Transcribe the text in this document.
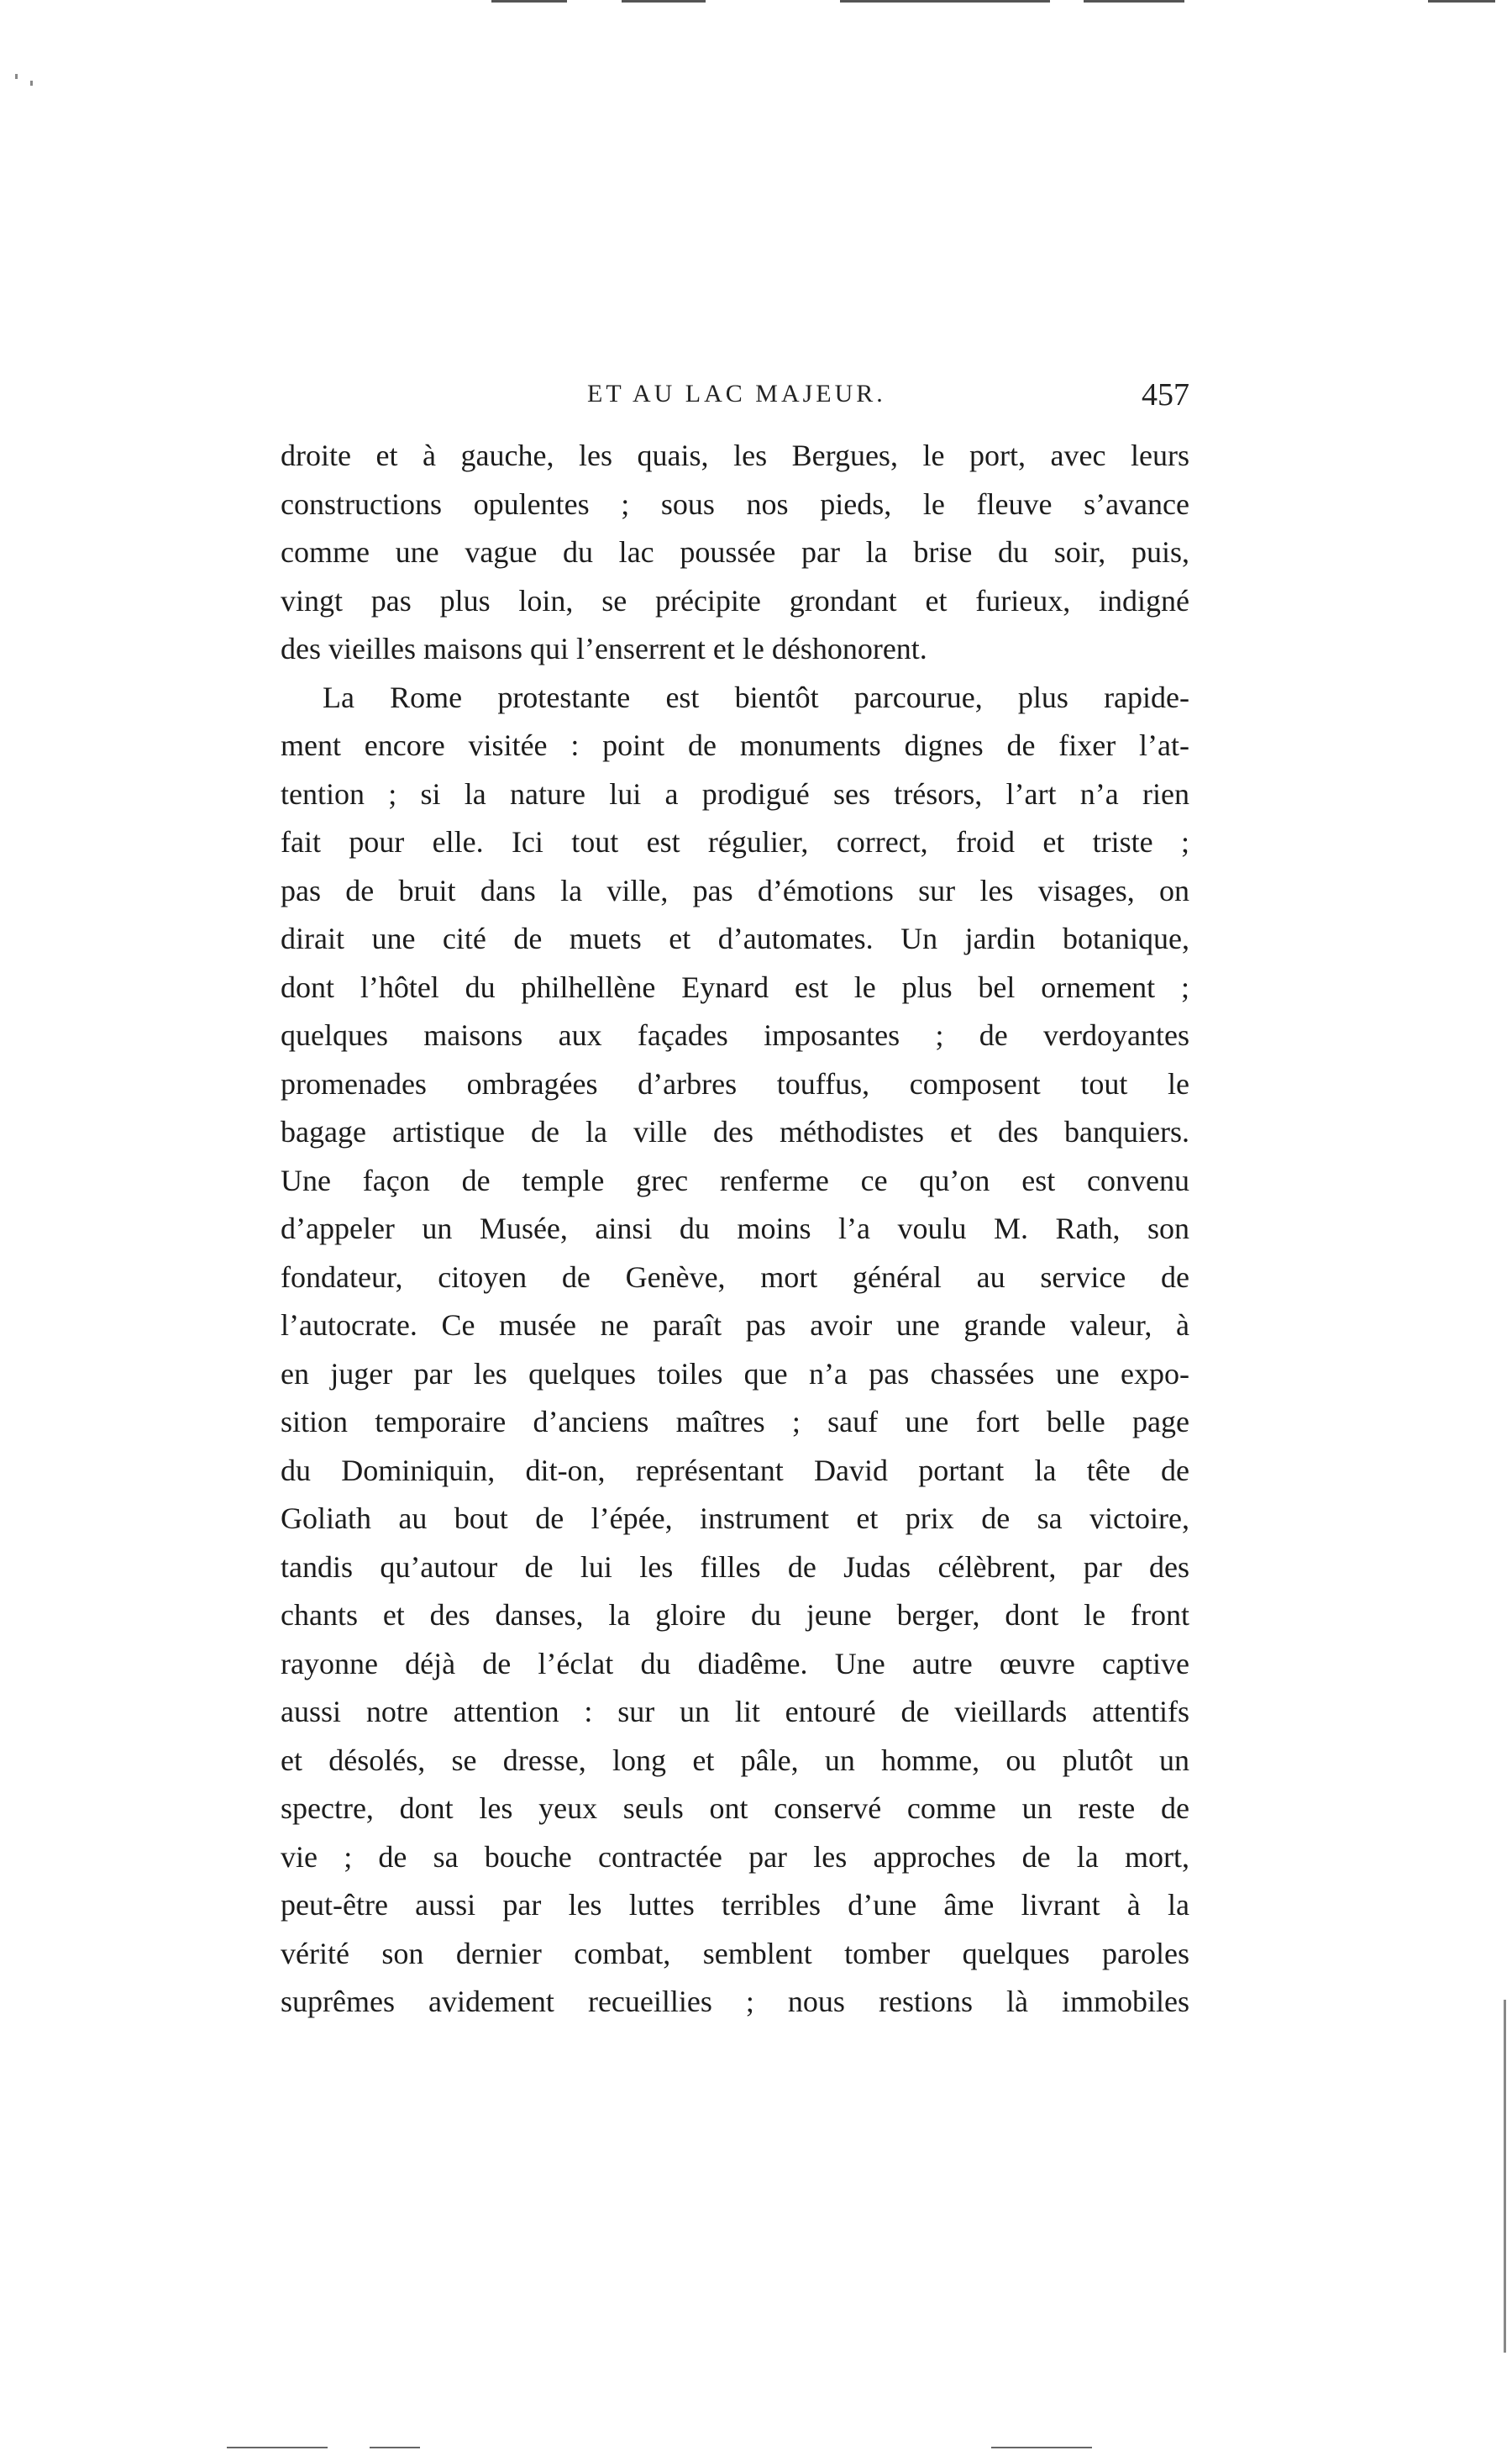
ET AU LAC MAJEUR.	457
droite et à gauche, les quais, les Bergues, le port, avec leurs
constructions opulentes ; sous nos pieds, le fleuve s’avance
comme une vague du lac poussée par la brise du soir, puis,
vingt pas plus loin, se précipite grondant et furieux, indigné
des vieilles maisons qui l’enserrent et le déshonorent.
La Rome protestante est bientôt parcourue, plus rapide-
ment encore visitée : point de monuments dignes de fixer l’at-
tention ; si la nature lui a prodigué ses trésors, l’art n’a rien
fait pour elle. Ici tout est régulier, correct, froid et triste ;
pas de bruit dans la ville, pas d’émotions sur les visages, on
dirait une cité de muets et d’automates. Un jardin botanique,
dont l’hôtel du philhellène Eynard est le plus bel ornement ;
quelques maisons aux façades imposantes ; de verdoyantes
promenades ombragées d’arbres touffus, composent tout le
bagage artistique de la ville des méthodistes et des banquiers.
Une façon de temple grec renferme ce qu’on est convenu
d’appeler un Musée, ainsi du moins l’a voulu M. Rath, son
fondateur, citoyen de Genève, mort général au service de
l’autocrate. Ce musée ne paraît pas avoir une grande valeur, à
en juger par les quelques toiles que n’a pas chassées une expo-
sition temporaire d’anciens maîtres ; sauf une fort belle page
du Dominiquin, dit-on, représentant David portant la tête de
Goliath au bout de l’épée, instrument et prix de sa victoire,
tandis qu’autour de lui les filles de Judas célèbrent, par des
chants et des danses, la gloire du jeune berger, dont le front
rayonne déjà de l’éclat du diadême. Une autre œuvre captive
aussi notre attention : sur un lit entouré de vieillards attentifs
et désolés, se dresse, long et pâle, un homme, ou plutôt un
spectre, dont les yeux seuls ont conservé comme un reste de
vie ; de sa bouche contractée par les approches de la mort,
peut-être aussi par les luttes terribles d’une âme livrant à la
vérité son dernier combat, semblent tomber quelques paroles
suprêmes avidement recueillies ; nous restions là immobiles
